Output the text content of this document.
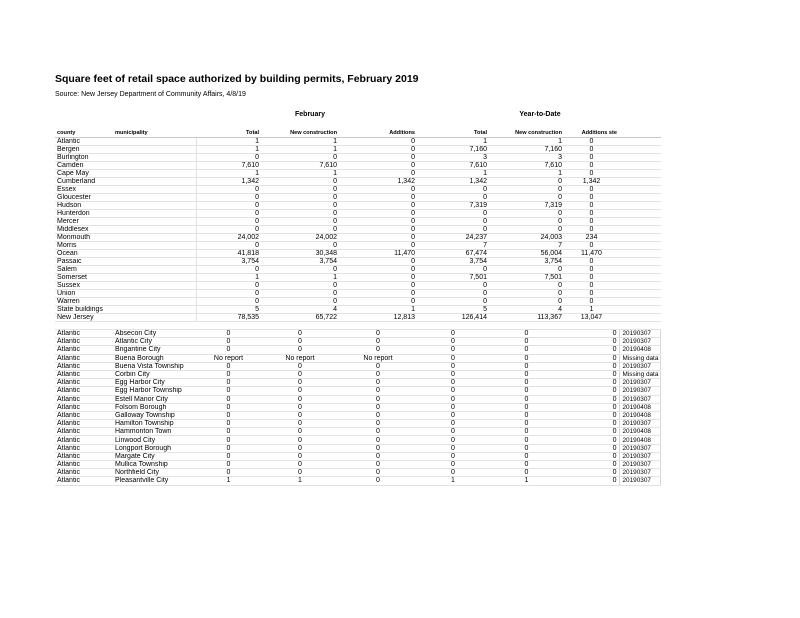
Square feet of retail space authorized by building permits, February 2019
Source: New Jersey Department of Community Affairs, 4/8/19
February	Year-to-Date
county	municipality	Total	New construction	Additions	Total	New construction	Additions ste	
Atlantic		1	1	0	1	1	0	
Bergen		1	1	0	7,160	7,160	0	
Burlington		0	0	0	3	3	0	
Camden		7,610	7,610	0	7,610	7,610	0	
Cape May		1	1	0	1	1	0	
Cumberland		1,342	0	1,342	1,342	0	1,342	
Essex		0	0	0	0	0	0	
Gloucester		0	0	0	0	0	0	
Hudson		0	0	0	7,319	7,319	0	
Hunterdon		0	0	0	0	0	0	
Mercer		0	0	0	0	0	0	
Middlesex		0	0	0	0	0	0	
Monmouth		24,002	24,002	0	24,237	24,003	234	
Morris		0	0	0	7	7	0	
Ocean		41,818	30,348	11,470	67,474	56,004	11,470	
Passaic		3,754	3,754	0	3,754	3,754	0	
Salem		0	0	0	0	0	0	
Somerset		1	1	0	7,501	7,501	0	
Sussex		0	0	0	0	0	0	
Union		0	0	0	0	0	0	
Warren		0	0	0	0	0	0	
State buildings		5	4	1	5	4	1	
New Jersey		78,535	65,722	12,813	126,414	113,367	13,047	

Atlantic	Absecon City	0	0	0	0	0	0	20190307
Atlantic	Atlantic City	0	0	0	0	0	0	20190307
Atlantic	Brigantine City	0	0	0	0	0	0	20190408
Atlantic	Buena Borough	No report	No report	No report	0	0	0	Missing data
Atlantic	Buena Vista Township	0	0	0	0	0	0	20190307
Atlantic	Corbin City	0	0	0	0	0	0	Missing data
Atlantic	Egg Harbor City	0	0	0	0	0	0	20190307
Atlantic	Egg Harbor Township	0	0	0	0	0	0	20190307
Atlantic	Estell Manor City	0	0	0	0	0	0	20190307
Atlantic	Folsom Borough	0	0	0	0	0	0	20190408
Atlantic	Galloway Township	0	0	0	0	0	0	20190408
Atlantic	Hamilton Township	0	0	0	0	0	0	20190307
Atlantic	Hammonton Town	0	0	0	0	0	0	20190408
Atlantic	Linwood City	0	0	0	0	0	0	20190408
Atlantic	Longport Borough	0	0	0	0	0	0	20190307
Atlantic	Margate City	0	0	0	0	0	0	20190307
Atlantic	Mullica Township	0	0	0	0	0	0	20190307
Atlantic	Northfield City	0	0	0	0	0	0	20190307
Atlantic	Pleasantville City	1	1	0	1	1	0	20190307
